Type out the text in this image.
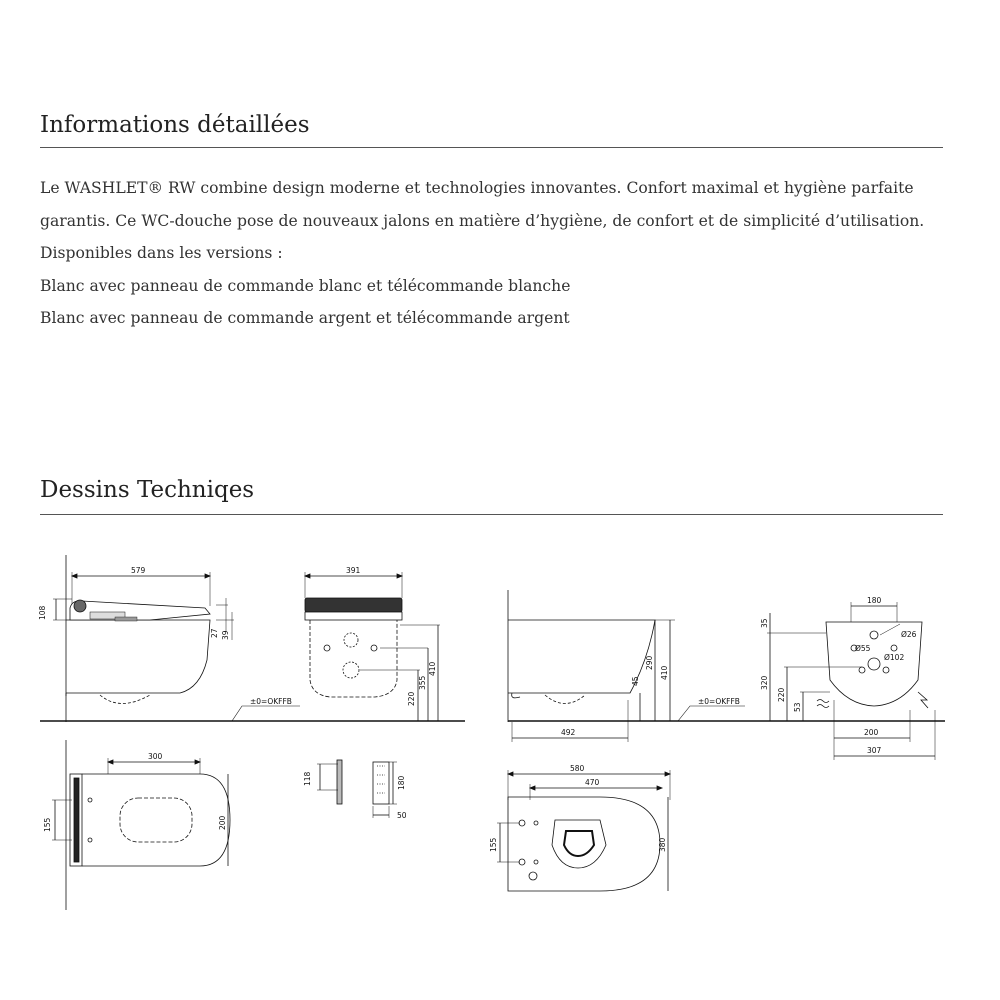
Informations détaillées

Le WASHLET® RW combine design moderne et technologies innovantes. Confort maximal et hygiène parfaite

garantis. Ce WC-douche pose de nouveaux jalons en matière d’hygiène, de confort et de simplicité d’utilisation.

Disponibles dans les versions :

Blanc avec panneau de commande blanc et télécommande blanche

Blanc avec panneau de commande argent et télécommande argent

Dessins Techniqes
579
108
27 39
±0=OKFFB
391
220
355
410
300
200
155
118	180
50
492
45
290
410
±0=OKFFB
180
35
320
220
53
Ø26
Ø55
Ø102
200
307
580
470
380
155
